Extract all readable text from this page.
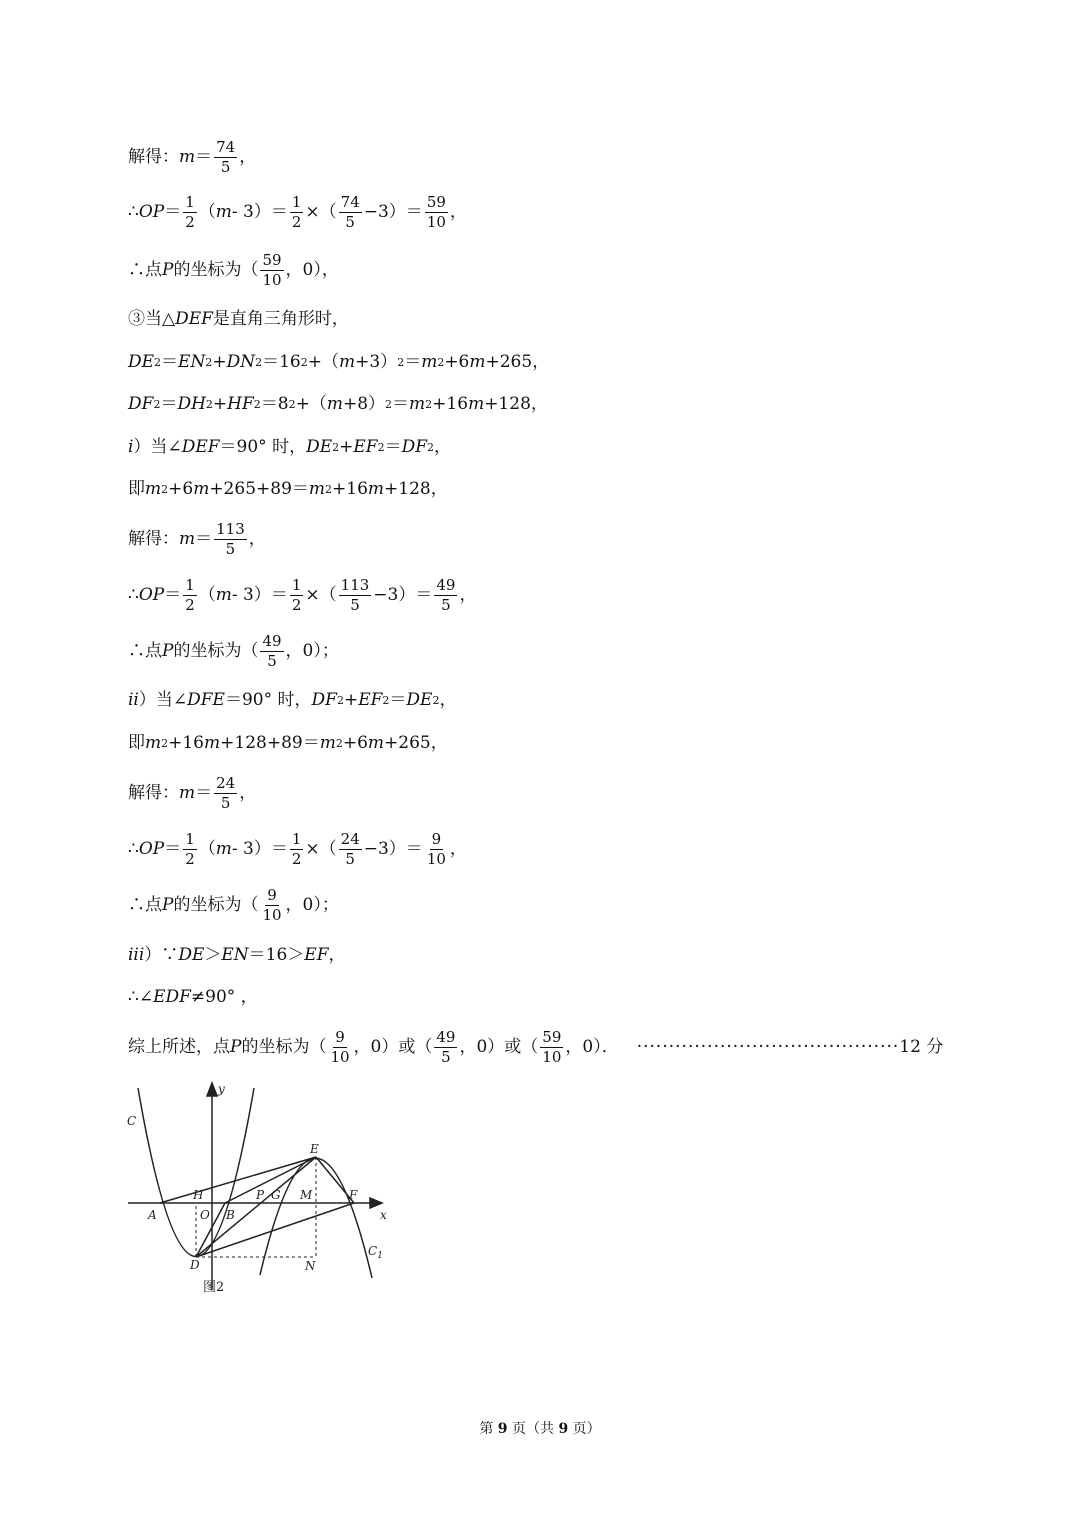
解得： $m = \frac{74}{5}$ ，
∴ OP ＝ $\frac{1}{2}$ （ $m - 3)= \frac{1}{2}$ ×（ $\frac{74}{5} -3)= \frac{59}{10}$ ，
∴点 P 的坐标为（ $\frac{59}{10}$ ，0），
③当△ DEF 是直角三角形时，
DE 2 ＝ EN 2 + DN 2 ＝16 2 +（ m +3） 2 ＝ m 2 +6 m +265，
DF 2 ＝ DH 2 + HF 2 ＝8 2 +（ m +8） 2 ＝ m 2 +16 m +128，
i ）当∠ DEF ＝90° 时， DE 2 + EF 2 ＝ DF 2 ，
即 m 2 +6 m +265+89＝ m 2 +16 m +128，
解得： $m = \frac{113}{5}$ ，
∴ OP ＝ $\frac{1}{2}$ （ $m - 3)= \frac{1}{2}$ ×（ $\frac{113}{5} -3)= \frac{49}{5}$ ，
∴点 P 的坐标为（ $\frac{49}{5}$ ，0）；
ii ）当∠ DFE ＝90° 时， DF 2 + EF 2 ＝ DE 2 ，
即 m 2 +16 m +128+89＝ m 2 +6 m +265，
解得： $m = \frac{24}{5}$ ，
∴ OP ＝ $\frac{1}{2}$ （ $m - 3)= \frac{1}{2}$ ×（ $\frac{24}{5} -3)= \frac{9}{10}$ ，
∴点 P 的坐标为（ $\frac{9}{10}$ ，0）；
iii ）∵ DE ＞ EN ＝16＞ EF ，
∴∠ EDF ≠90° ，
综上所述，点 P 的坐标为（ $\frac{9}{10}$ ，0）或（ $\frac{49}{5}$ ，0）或（ $\frac{59}{10}$ ，0）． ········································· 12 分
y
x
C
$C_1$
A	O B
H	P G M	F
E
D	N
图2
第 9 页（共 9 页）
